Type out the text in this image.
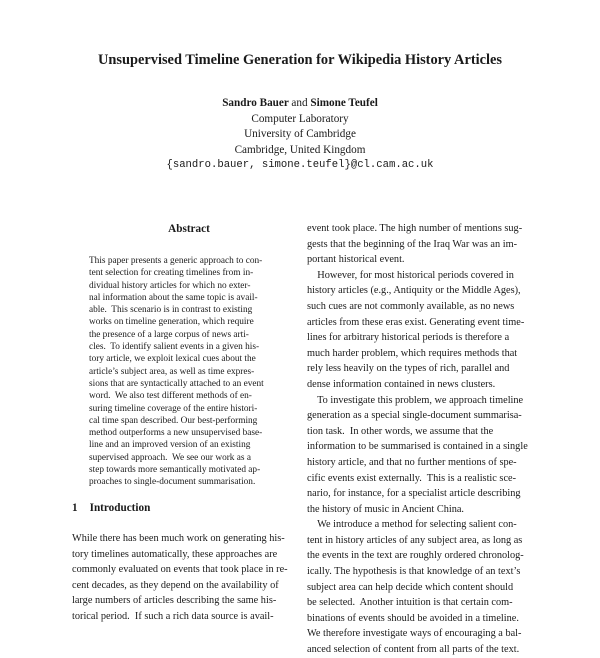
Unsupervised Timeline Generation for Wikipedia History Articles
Sandro Bauer and Simone Teufel
Computer Laboratory
University of Cambridge
Cambridge, United Kingdom
{sandro.bauer, simone.teufel}@cl.cam.ac.uk
Abstract
This paper presents a generic approach to con-
tent selection for creating timelines from in-
dividual history articles for which no exter-
nal information about the same topic is avail-
able.  This scenario is in contrast to existing
works on timeline generation, which require
the presence of a large corpus of news arti-
cles.  To identify salient events in a given his-
tory article, we exploit lexical cues about the
article’s subject area, as well as time expres-
sions that are syntactically attached to an event
word.  We also test different methods of en-
suring timeline coverage of the entire histori-
cal time span described. Our best-performing
method outperforms a new unsupervised base-
line and an improved version of an existing
supervised approach.  We see our work as a
step towards more semantically motivated ap-
proaches to single-document summarisation.
1 Introduction
While there has been much work on generating his-
tory timelines automatically, these approaches are
commonly evaluated on events that took place in re-
cent decades, as they depend on the availability of
large numbers of articles describing the same his-
torical period.  If such a rich data source is avail-
event took place. The high number of mentions sug-
gests that the beginning of the Iraq War was an im-
portant historical event.
However, for most historical periods covered in
history articles (e.g., Antiquity or the Middle Ages),
such cues are not commonly available, as no news
articles from these eras exist. Generating event time-
lines for arbitrary historical periods is therefore a
much harder problem, which requires methods that
rely less heavily on the types of rich, parallel and
dense information contained in news clusters.
To investigate this problem, we approach timeline
generation as a special single-document summarisa-
tion task.  In other words, we assume that the
information to be summarised is contained in a single
history article, and that no further mentions of spe-
cific events exist externally.  This is a realistic sce-
nario, for instance, for a specialist article describing
the history of music in Ancient China.
We introduce a method for selecting salient con-
tent in history articles of any subject area, as long as
the events in the text are roughly ordered chronolog-
ically. The hypothesis is that knowledge of an text’s
subject area can help decide which content should
be selected.  Another intuition is that certain com-
binations of events should be avoided in a timeline.
We therefore investigate ways of encouraging a bal-
anced selection of content from all parts of the text.
